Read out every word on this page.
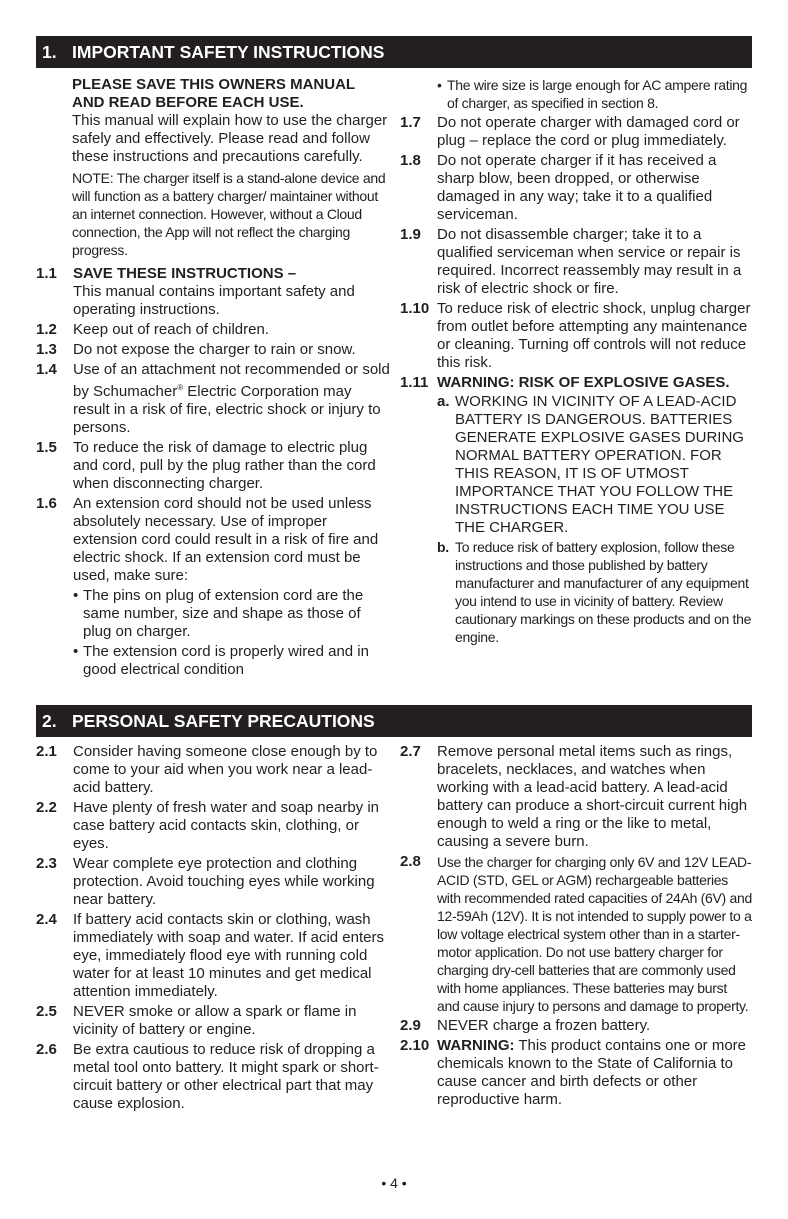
1. IMPORTANT SAFETY INSTRUCTIONS
PLEASE SAVE THIS OWNERS MANUAL AND READ BEFORE EACH USE.
This manual will explain how to use the charger safely and effectively. Please read and follow these instructions and precautions carefully.
NOTE: The charger itself is a stand-alone device and will function as a battery charger/ maintainer without an internet connection. However, without a Cloud connection, the App will not reflect the charging progress.
1.1 SAVE THESE INSTRUCTIONS –
This manual contains important safety and operating instructions.
1.2 Keep out of reach of children.
1.3 Do not expose the charger to rain or snow.
1.4 Use of an attachment not recommended or sold by Schumacher® Electric Corporation may result in a risk of fire, electric shock or injury to persons.
1.5 To reduce the risk of damage to electric plug and cord, pull by the plug rather than the cord when disconnecting charger.
1.6 An extension cord should not be used unless absolutely necessary. Use of improper extension cord could result in a risk of fire and electric shock. If an extension cord must be used, make sure:
• The pins on plug of extension cord are the same number, size and shape as those of plug on charger.
• The extension cord is properly wired and in good electrical condition
• The wire size is large enough for AC ampere rating of charger, as specified in section 8.
1.7 Do not operate charger with damaged cord or plug – replace the cord or plug immediately.
1.8 Do not operate charger if it has received a sharp blow, been dropped, or otherwise damaged in any way; take it to a qualified serviceman.
1.9 Do not disassemble charger; take it to a qualified serviceman when service or repair is required. Incorrect reassembly may result in a risk of electric shock or fire.
1.10 To reduce risk of electric shock, unplug charger from outlet before attempting any maintenance or cleaning. Turning off controls will not reduce this risk.
1.11 WARNING: RISK OF EXPLOSIVE GASES.
a. WORKING IN VICINITY OF A LEAD-ACID BATTERY IS DANGEROUS. BATTERIES GENERATE EXPLOSIVE GASES DURING NORMAL BATTERY OPERATION. FOR THIS REASON, IT IS OF UTMOST IMPORTANCE THAT YOU FOLLOW THE INSTRUCTIONS EACH TIME YOU USE THE CHARGER.
b. To reduce risk of battery explosion, follow these instructions and those published by battery manufacturer and manufacturer of any equipment you intend to use in vicinity of battery. Review cautionary markings on these products and on the engine.
2. PERSONAL SAFETY PRECAUTIONS
2.1 Consider having someone close enough by to come to your aid when you work near a lead-acid battery.
2.2 Have plenty of fresh water and soap nearby in case battery acid contacts skin, clothing, or eyes.
2.3 Wear complete eye protection and clothing protection. Avoid touching eyes while working near battery.
2.4 If battery acid contacts skin or clothing, wash immediately with soap and water. If acid enters eye, immediately flood eye with running cold water for at least 10 minutes and get medical attention immediately.
2.5 NEVER smoke or allow a spark or flame in vicinity of battery or engine.
2.6 Be extra cautious to reduce risk of dropping a metal tool onto battery. It might spark or short-circuit battery or other electrical part that may cause explosion.
2.7 Remove personal metal items such as rings, bracelets, necklaces, and watches when working with a lead-acid battery. A lead-acid battery can produce a short-circuit current high enough to weld a ring or the like to metal, causing a severe burn.
2.8 Use the charger for charging only 6V and 12V LEAD-ACID (STD, GEL or AGM) rechargeable batteries with recommended rated capacities of 24Ah (6V) and 12-59Ah (12V). It is not intended to supply power to a low voltage electrical system other than in a starter-motor application. Do not use battery charger for charging dry-cell batteries that are commonly used with home appliances. These batteries may burst and cause injury to persons and damage to property.
2.9 NEVER charge a frozen battery.
2.10 WARNING: This product contains one or more chemicals known to the State of California to cause cancer and birth defects or other reproductive harm.
• 4 •
